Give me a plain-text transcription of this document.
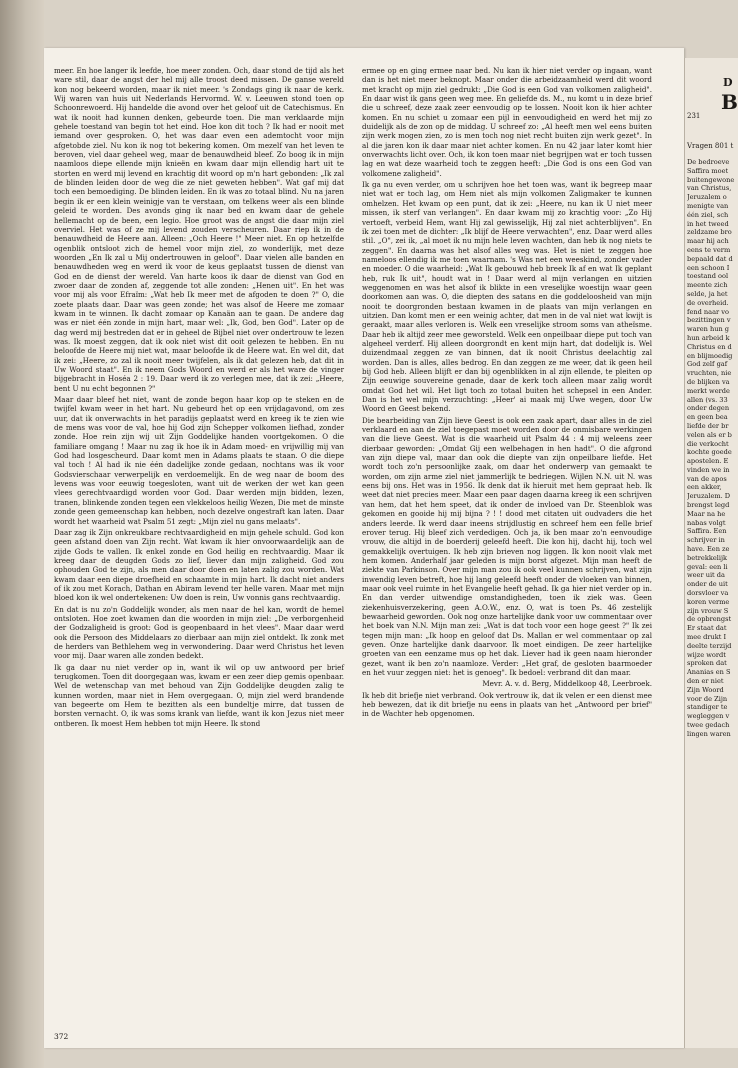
meer. En hoe langer ik leefde, hoe meer zonden. Och, daar stond de tijd als het ware stil, daar de angst der hel mij alle troost deed missen. De ganse wereld kon nog bekeerd worden, maar ik niet meer. 's Zondags ging ik naar de kerk. Wij waren van huis uit Nederlands Hervormd. W. v. Leeuwen stond toen op Schoonrewoerd. Hij handelde die avond over het geloof uit de Catechismus. En wat ik nooit had kunnen denken, gebeurde toen. Die man verklaarde mijn gehele toestand van begin tot het eind. Hoe kon dit toch ? Ik had er nooit met iemand over gesproken. O, het was daar even een ademtocht voor mijn afgetobde ziel. Nu kon ik nog tot bekering komen. Om mezelf van het leven te beroven, viel daar geheel weg, maar de benauwdheid bleef. Zo boog ik in mijn naamloos diepe ellende mijn knieën en kwam daar mijn ellendig hart uit te storten en werd mij levend en krachtig dit woord op m'n hart gebonden: „Ik zal de blinden leiden door de weg die ze niet geweten hebben". Wat gaf mij dat toch een bemoediging. De blinden leiden. En ik was zo totaal blind. Nu na jaren begin ik er een klein weinigje van te verstaan, om telkens weer als een blinde geleid te worden. Des avonds ging ik naar bed en kwam daar de gehele hellemacht op de been, een legio. Hoe groot was de angst die daar mijn ziel overviel. Het was of ze mij levend zouden verscheuren. Daar riep ik in de benauwdheid de Heere aan. Alleen: „Och Heere !" Meer niet. En op hetzelfde ogenblik ontsloot zich de hemel voor mijn ziel, zo wonderlijk, met deze woorden „En Ik zal u Mij ondertrouwen in geloof". Daar vielen alle banden en benauwdheden weg en werd ik voor de keus geplaatst tussen de dienst van God en de dienst der wereld. Van harte koos ik daar de dienst van God en zwoer daar de zonden af, zeggende tot alle zonden: „Henen uit". En het was voor mij als voor Efraïm: „Wat heb Ik meer met de afgoden te doen ?" O, die zoete plaats daar. Daar was geen zonde; het was alsof de Heere me zomaar kwam in te winnen. Ik dacht zomaar op Kanaän aan te gaan. De andere dag was er niet één zonde in mijn hart, maar wel: „Ik, God, ben God". Later op de dag werd mij bestreden dat er in geheel de Bijbel niet over ondertrouw te lezen was. Ik moest zeggen, dat ik ook niet wist dit ooit gelezen te hebben. En nu beloofde de Heere mij niet wat, maar beloofde ik de Heere wat. En wel dit, dat ik zei: „Heere, zo zal ik nooit meer twijfelen, als ik dat gelezen heb, dat dit in Uw Woord staat". En ik neem Gods Woord en werd er als het ware de vinger bijgebracht in Hoséa 2 : 19. Daar werd ik zo verlegen mee, dat ik zei: „Heere, bent U nu echt begonnen ?"

Maar daar bleef het niet, want de zonde begon haar kop op te steken en de twijfel kwam weer in het hart. Nu gebeurd het op een vrijdagavond, om zes uur, dat ik onverwachts in het paradijs geplaatst werd en kreeg ik te zien wie de mens was voor de val, hoe hij God zijn Schepper volkomen liefhad, zonder zonde. Hoe rein zijn wij uit Zijn Goddelijke handen voortgekomen. O die familiare omgang ! Maar nu zag ik hoe ik in Adam moed- en vrijwillig mij van God had losgescheurd. Daar komt men in Adams plaats te staan. O die diepe val toch ! Al had ik nie één dadelijke zonde gedaan, nochtans was ik voor Godsvierschaar verwerpelijk en verdoemelijk. En de weg naar de boom des levens was voor eeuwig toegesloten, want uit de werken der wet kan geen vlees gerechtvaardigd worden voor God. Daar werden mijn bidden, lezen, tranen, blinkende zonden tegen een vlekkeloos heilig Wezen, Die met de minste zonde geen gemeenschap kan hebben, noch dezelve ongestraft kan laten. Daar wordt het waarheid wat Psalm 51 zegt: „Mijn ziel nu gans melaats".

Daar zag ik Zijn onkreukbare rechtvaardigheid en mijn gehele schuld. God kon geen afstand doen van Zijn recht. Wat kwam ik hier onvoorwaardelijk aan de zijde Gods te vallen. Ik enkel zonde en God heilig en rechtvaardig. Maar ik kreeg daar de deugden Gods zo lief, liever dan mijn zaligheid. God zou ophouden God te zijn, als men daar door doen en laten zalig zou worden. Wat kwam daar een diepe droefheid en schaamte in mijn hart. Ik dacht niet anders of ik zou met Korach, Dathan en Abiram levend ter helle varen. Maar met mijn bloed kon ik wel ondertekenen: Uw doen is rein, Uw vonnis gans rechtvaardig.

En dat is nu zo'n Goddelijk wonder, als men naar de hel kan, wordt de hemel ontsloten. Hoe zoet kwamen dan die woorden in mijn ziel: „De verborgenheid der Godzaligheid is groot: God is geopenbaard in het vlees". Maar daar werd ook die Persoon des Middelaars zo dierbaar aan mijn ziel ontdekt. Ik zonk met de herders van Bethlehem weg in verwondering. Daar werd Christus het leven voor mij. Daar waren alle zonden bedekt.

Ik ga daar nu niet verder op in, want ik wil op uw antwoord per brief terugkomen. Toen dit doorgegaan was, kwam er een zeer diep gemis openbaar. Wel de wetenschap van met behoud van Zijn Goddelijke deugden zalig te kunnen worden, maar niet in Hem overgegaan. O, mijn ziel werd brandende van begeerte om Hem te bezitten als een bundeltje mirre, dat tussen de borsten vernacht. O, ik was soms krank van liefde, want ik kon Jezus niet meer ontberen. Ik moest Hem hebben tot mijn Heere. Ik stond

ermee op en ging ermee naar bed. Nu kan ik hier niet verder op ingaan, want dan is het niet meer beknopt. Maar onder die arbeidzaamheid werd dit woord met kracht op mijn ziel gedrukt: „Die God is een God van volkomen zaligheid". En daar wist ik gans geen weg mee. En geliefde ds. M., nu komt u in deze brief die u schreef, deze zaak zeer eenvoudig op te lossen. Nooit kon ik hier achter komen. En nu schiet u zomaar een pijl in eenvoudigheid en werd het mij zo duidelijk als de zon op de middag. U schreef zo: „Al heeft men wel eens buiten zijn werk mogen zien, zo is men toch nog niet recht buiten zijn werk gezet". In al die jaren kon ik daar maar niet achter komen. En nu 42 jaar later komt hier onverwachts licht over. Och, ik kon toen maar niet begrijpen wat er toch tussen lag en wat deze waarheid toch te zeggen heeft: „Die God is ons een God van volkomene zaligheid".

Ik ga nu even verder, om u schrijven hoe het toen was, want ik begreep maar niet wat er toch lag, om Hem niet als mijn volkomen Zaligmaker te kunnen omhelzen. Het kwam op een punt, dat ik zei: „Heere, nu kan ik U niet meer missen, ik sterf van verlangen". En daar kwam mij zo krachtig voor: „Zo Hij vertoeft, verbeid Hem, want Hij zal gewisselijk, Hij zal niet achterblijven". En ik zei toen met de dichter: „Ik blijf de Heere verwachten", enz. Daar werd alles stil. „O", zei ik, „al moet ik nu mijn hele leven wachten, dan heb ik nog niets te zeggen". En daarna was het alsof alles weg was. Het is niet te zeggen hoe nameloos ellendig ik me toen waarnam. 's Was net een weeskind, zonder vader en moeder. O die waarheid: „Wat Ik gebouwd heb breek Ik af en wat Ik geplant heb, ruk Ik uit", houdt wat in ! Daar werd al mijn verlangen en uitzien weggenomen en was het alsof ik blikte in een vreselijke woestijn waar geen doorkomen aan was. O, die diepten des satans en die goddeloosheid van mijn nooit te doorgronden bestaan kwamen in de plaats van mijn verlangen en uitzien. Dan komt men er een weinig achter, dat men in de val niet wat kwijt is geraakt, maar alles verloren is. Welk een vreselijke stroom soms van atheïsme. Daar heb ik altijd zeer mee geworsteld. Welk een onpeilbaar diepe put toch van algeheel verderf. Hij alleen doorgrondt en kent mijn hart, dat dodelijk is. Wel duizendmaal zeggen ze van binnen, dat ik nooit Christus deelachtig zal worden. Dan is alles, alles bedrog. En dan zeggen ze me weer, dat ik geen heil bij God heb. Alleen blijft er dan bij ogenblikken in al zijn ellende, te pleiten op Zijn eeuwige souvereine genade, daar de kerk toch alleen maar zalig wordt omdat God het wil. Het ligt toch zo totaal buiten het schepsel in een Ander. Dan is het wel mijn verzuchting: „Heer' ai maak mij Uwe wegen, door Uw Woord en Geest bekend.

Die bearbeiding van Zijn lieve Geest is ook een zaak apart, daar alles in de ziel verklaard en aan de ziel toegepast moet worden door de onmisbare werkingen van die lieve Geest. Wat is die waarheid uit Psalm 44 : 4 mij weleens zeer dierbaar geworden: „Omdat Gij een welbehagen in hen hadt". O die afgrond van zijn diepe val, maar dan ook die diepte van zijn onpeilbare liefde. Het wordt toch zo'n persoonlijke zaak, om daar het onderwerp van gemaakt te worden, om zijn arme ziel niet jammerlijk te bedriegen. Wijlen N.N. uit N. was eens bij ons. Het was in 1956. Ik denk dat ik hieruit met hem gepraat heb. Ik weet dat niet precies meer. Maar een paar dagen daarna kreeg ik een schrijven van hem, dat het hem speet, dat ik onder de invloed van Dr. Steenblok was gekomen en gooide hij mij bijna ? ! ! dood met citaten uit oudvaders die het anders leerde. Ik werd daar ineens strijdlustig en schreef hem een felle brief erover terug. Hij bleef zich verdedigen. Och ja, ik ben maar zo'n eenvoudige vrouw, die altijd in de boerderij geleefd heeft. Die kon hij, dacht hij, toch wel gemakkelijk overtuigen. Ik heb zijn brieven nog liggen. Ik kon nooit vlak met hem komen. Anderhalf jaar geleden is mijn borst afgezet. Mijn man heeft de ziekte van Parkinson. Over mijn man zou ik ook veel kunnen schrijven, wat zijn inwendig leven betreft, hoe hij lang geleefd heeft onder de vloeken van binnen, maar ook veel ruimte in het Evangelie heeft gehad. Ik ga hier niet verder op in. En dan verder uitwendige omstandigheden, toen ik ziek was. Geen ziekenhuisverzekering, geen A.O.W., enz. O, wat is toen Ps. 46 zestelijk bewaarheid geworden. Ook nog onze hartelijke dank voor uw commentaar over het boek van N.N. Mijn man zei: „Wat is dat toch voor een hoge geest ?" Ik zei tegen mijn man: „Ik hoop en geloof dat Ds. Mallan er wel commentaar op zal geven. Onze hartelijke dank daarvoor. Ik moet eindigen. De zeer hartelijke groeten van een eenzame mus op het dak. Liever had ik geen naam hieronder gezet, want ik ben zo'n naamloze. Verder: „Het graf, de gesloten baarmoeder en het vuur zeggen niet: het is genoeg". Ik bedoel: verbrand dit dan maar.

Mevr. A. v. d. Berg, Middelkoop 48, Leerbroek.

Ik heb dit briefje niet verbrand. Ook vertrouw ik, dat ik velen er een dienst mee heb bewezen, dat ik dit briefje nu eens in plaats van het „Antwoord per brief" in de Wachter heb opgenomen.

372
D
B
231
Vragen 801 t
De bedroeve
Saffira moet
buitengewone
van Christus,
Jeruzalem o
menigte van
één ziel, sch
in het tweed
zeldzame bro
maar hij ach
eens te verm
bepaald dat d
een schoon I
toestand ool
meente zich
selde, ja het
de overheid.
fend naar vo
bezittingen v
waren hun g
hun arbeid k
Christus en d
en blijmoedig
God zelf gaf
vruchten, nie
de blijken va
merkt werde
allen (vs. 33
onder degen
en geen bea
liefde der br
velen als er b
die verkocht
kochte goede
apostelen. E
vinden we in
van de apos
een akker,
Jeruzalem. D
brengst legd
Maar na he
nabas volgt
Saffira. Een
schrijver in
have. Een ze
betrekkelijk
geval: een li
weer uit da
onder de uit
dorsvloer va
koren verme
zijn vrouw S
de opbrengst
Er staat dat
mee drukt I
deelte terzijd
wijze wordt
sproken dat
Ananias en S
den er niet
Zijn Woord
voor de Zijn
standiger te
wegleggen v
twee gedach
lingen waren
